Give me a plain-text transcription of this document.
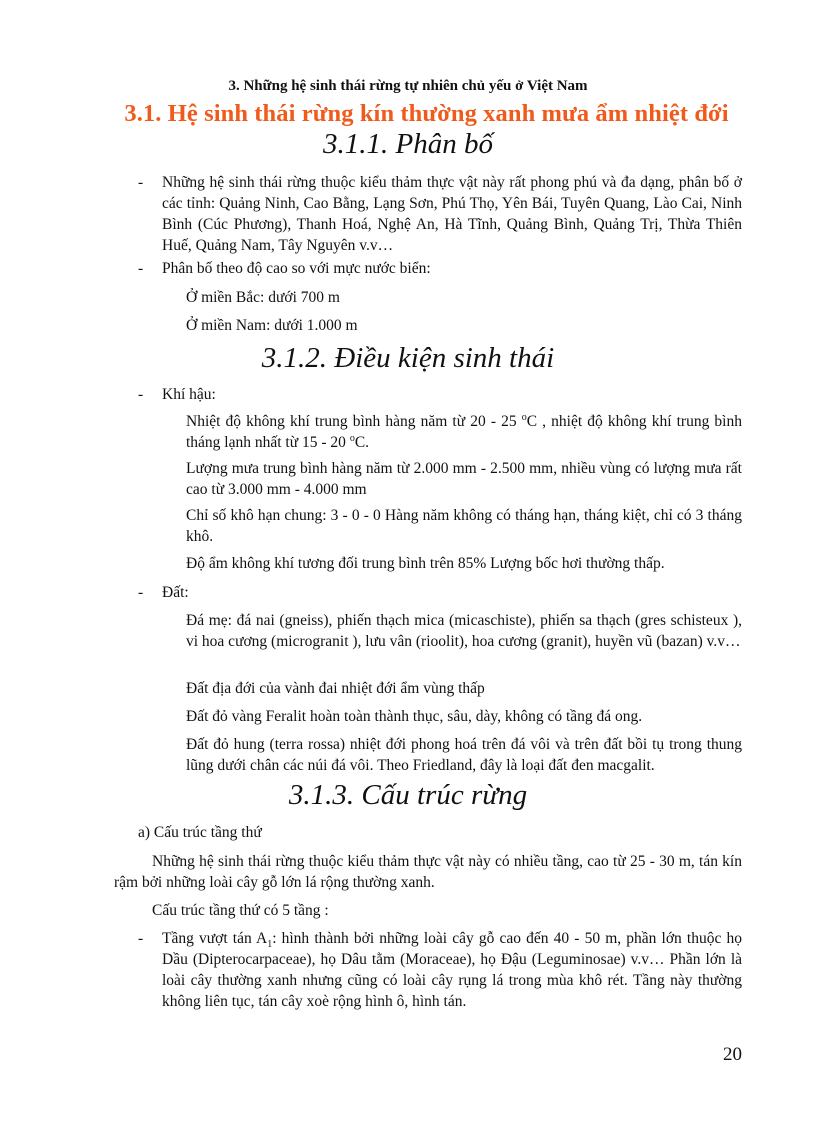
3. Những hệ sinh thái rừng tự nhiên chủ yếu ở Việt Nam
3.1. Hệ sinh thái rừng kín thường xanh mưa ẩm nhiệt đới
3.1.1. Phân bố
- Những hệ sinh thái rừng thuộc kiểu thảm thực vật này rất phong phú và đa dạng, phân bố ở các tỉnh: Quảng Ninh, Cao Bằng, Lạng Sơn, Phú Thọ, Yên Bái, Tuyên Quang, Lào Cai, Ninh Bình (Cúc Phương), Thanh Hoá, Nghệ An, Hà Tĩnh, Quảng Bình, Quảng Trị, Thừa Thiên Huế, Quảng Nam, Tây Nguyên v.v…
- Phân bố theo độ cao so với mực nước biển:
Ở miền Bắc: dưới 700 m
Ở miền Nam: dưới 1.000 m
3.1.2. Điều kiện sinh thái
- Khí hậu:
Nhiệt độ không khí trung bình hàng năm từ 20 - 25 $^o$C , nhiệt độ không khí trung bình tháng lạnh nhất từ 15 - 20 $^o$C.
Lượng mưa trung bình hàng năm từ 2.000 mm - 2.500 mm, nhiều vùng có lượng mưa rất cao từ 3.000 mm - 4.000 mm
Chỉ số khô hạn chung: 3 - 0 - 0 Hàng năm không có tháng hạn, tháng kiệt, chỉ có 3 tháng khô.
Độ ẩm không khí tương đối trung bình trên 85% Lượng bốc hơi thường thấp.
- Đất:
Đá mẹ: đá nai (gneiss), phiến thạch mica (micaschiste), phiến sa thạch (gres schisteux ), vi hoa cương (microgranit ), lưu vân (rioolit), hoa cương (granit), huyền vũ (bazan) v.v…
Đất địa đới của vành đai nhiệt đới ẩm vùng thấp
Đất đỏ vàng Feralit hoàn toàn thành thục, sâu, dày, không có tầng đá ong.
Đất đỏ hung (terra rossa) nhiệt đới phong hoá trên đá vôi và trên đất bồi tụ trong thung lũng dưới chân các núi đá vôi. Theo Friedland, đây là loại đất đen macgalit.
3.1.3. Cấu trúc rừng
a) Cấu trúc tầng thứ
Những hệ sinh thái rừng thuộc kiểu thảm thực vật này có nhiều tầng, cao từ 25 - 30 m, tán kín rậm bởi những loài cây gỗ lớn lá rộng thường xanh.
Cấu trúc tầng thứ có 5 tầng :
- Tầng vượt tán $A_1$: hình thành bởi những loài cây gỗ cao đến 40 - 50 m, phần lớn thuộc họ Dầu (Dipterocarpaceae), họ Dâu tằm (Moraceae), họ Đậu (Leguminosae) v.v… Phần lớn là loài cây thường xanh nhưng cũng có loài cây rụng lá trong mùa khô rét. Tầng này thường không liên tục, tán cây xoè rộng hình ô, hình tán.
20
